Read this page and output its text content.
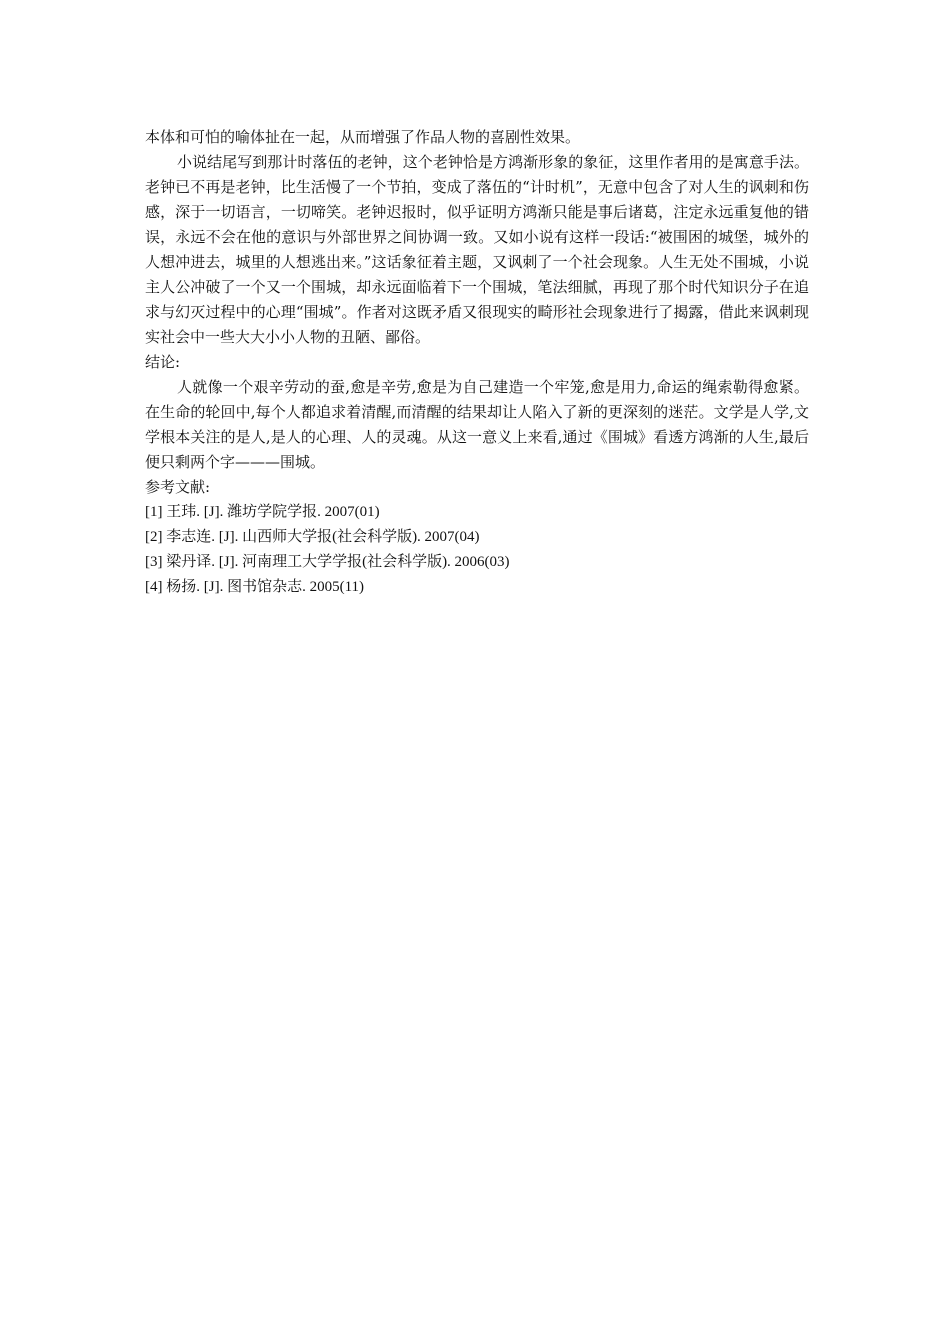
本体和可怕的喻体扯在一起，从而增强了作品人物的喜剧性效果。

小说结尾写到那计时落伍的老钟，这个老钟恰是方鸿渐形象的象征，这里作者用的是寓意手法。老钟已不再是老钟，比生活慢了一个节拍，变成了落伍的“计时机”，无意中包含了对人生的讽刺和伤感，深于一切语言，一切啼笑。老钟迟报时，似乎证明方鸿渐只能是事后诸葛，注定永远重复他的错误，永远不会在他的意识与外部世界之间协调一致。又如小说有这样一段话:“被围困的城堡，城外的人想冲进去，城里的人想逃出来。”这话象征着主题，又讽刺了一个社会现象。人生无处不围城，小说主人公冲破了一个又一个围城，却永远面临着下一个围城，笔法细腻，再现了那个时代知识分子在追求与幻灭过程中的心理“围城”。作者对这既矛盾又很现实的畸形社会现象进行了揭露，借此来讽刺现实社会中一些大大小小人物的丑陋、鄙俗。

结论:

人就像一个艰辛劳动的蚕,愈是辛劳,愈是为自己建造一个牢笼,愈是用力,命运的绳索勒得愈紧。在生命的轮回中,每个人都追求着清醒,而清醒的结果却让人陷入了新的更深刻的迷茫。文学是人学,文学根本关注的是人,是人的心理、人的灵魂。从这一意义上来看,通过《围城》看透方鸿渐的人生,最后便只剩两个字———围城。

参考文献:

[1] 王玮. [J]. 潍坊学院学报. 2007(01)
[2] 李志连. [J]. 山西师大学报(社会科学版). 2007(04)
[3] 梁丹译. [J]. 河南理工大学学报(社会科学版). 2006(03)
[4] 杨扬. [J]. 图书馆杂志. 2005(11)
